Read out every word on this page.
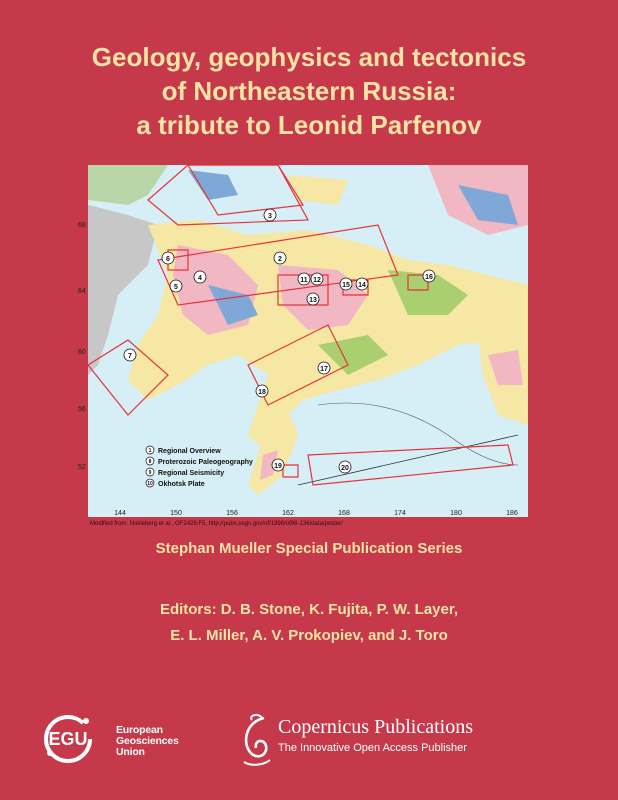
Geology, geophysics and tectonics
of Northeastern Russia:
a tribute to Leonid Parfenov
3
2
6
4
5
11 12
13
15 14
16
7
17
18
19	20
68
64
60
56
52
1 Regional Overview
8 Proterozoic Paleogeography
9 Regional Seismicity
10 Okhotsk Plate
144	150	156	162	168	174	180	186
Modified from: Nokleberg et al., OF2428.F5, http://pubs.usgs.gov/of/1998/of98-136/data/poster/
Stephan Mueller Special Publication Series
Editors: D. B. Stone, K. Fujita, P. W. Layer,
E. L. Miller, A. V. Prokopiev, and J. Toro
EGU	European
Geosciences
Union
Copernicus Publications
The Innovative Open Access Publisher
